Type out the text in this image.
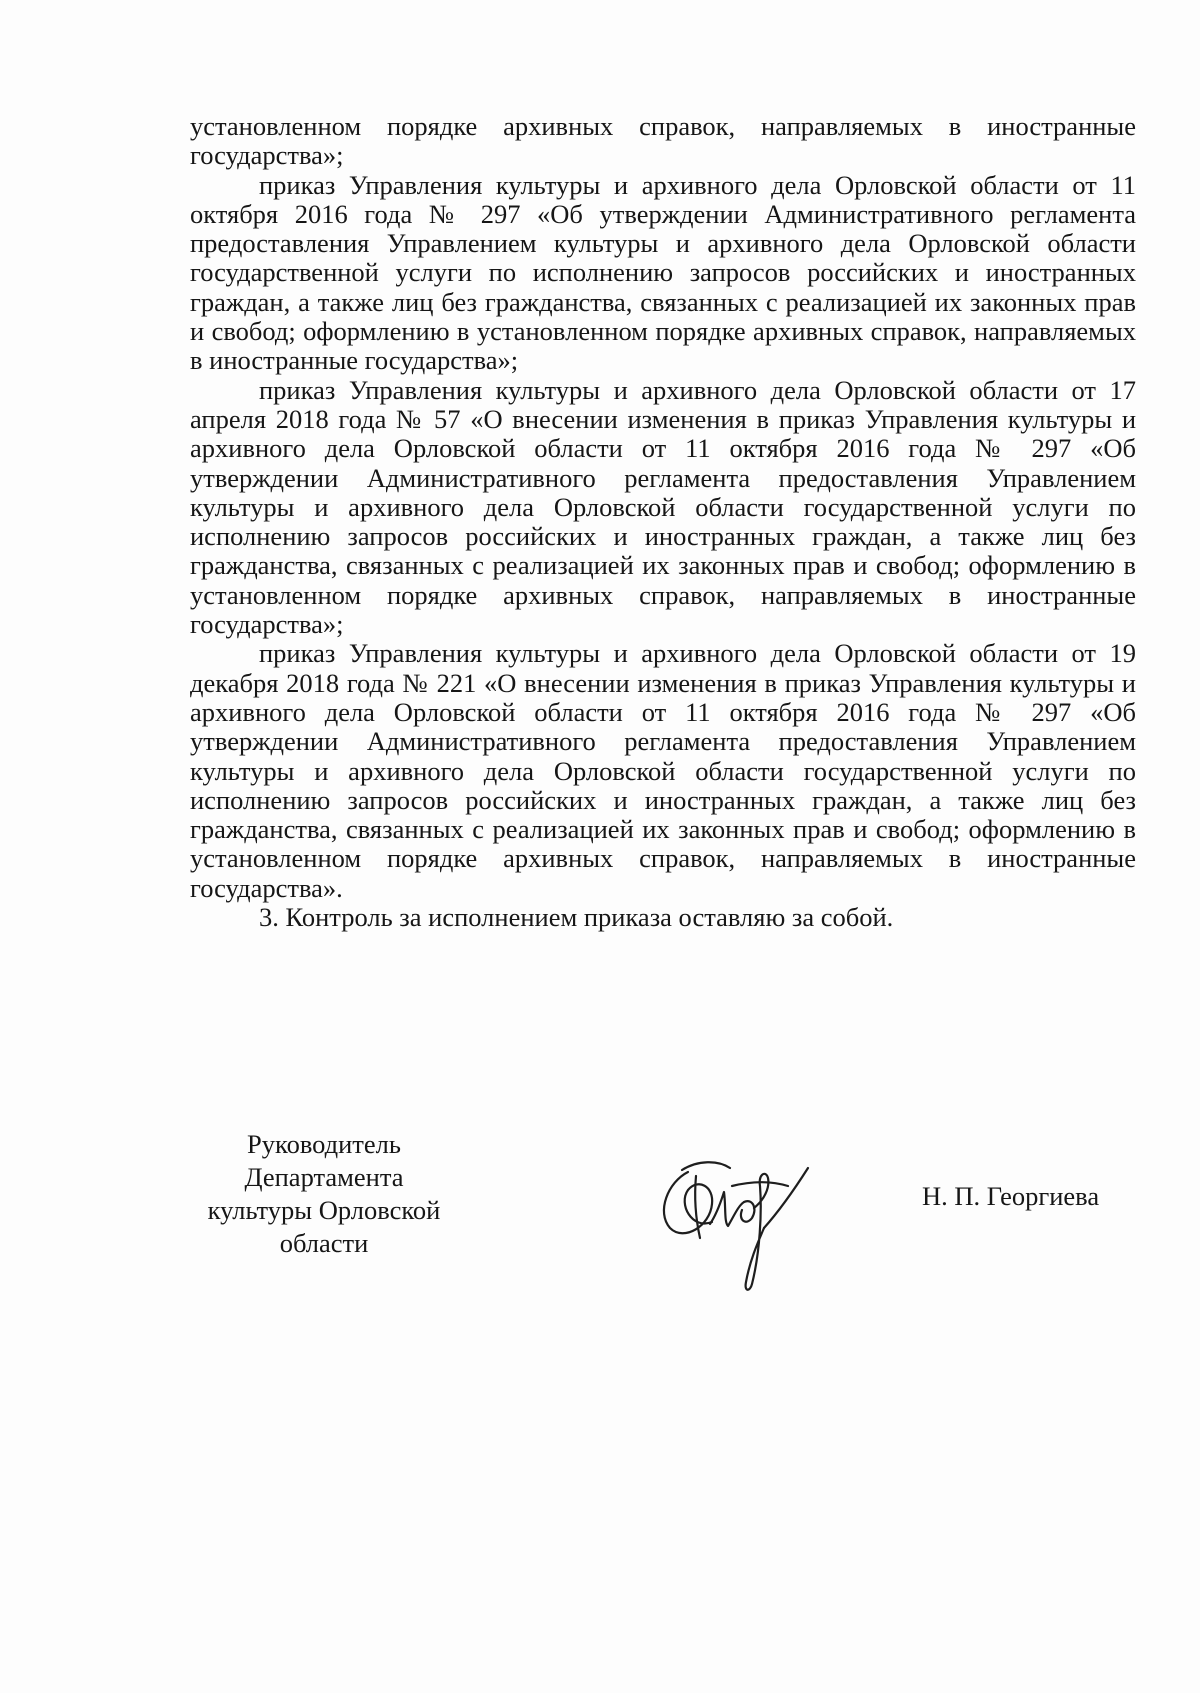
установленном порядке архивных справок, направляемых в иностранные государства»;

приказ Управления культуры и архивного дела Орловской области от 11 октября 2016 года № 297 «Об утверждении Административного регламента предоставления Управлением культуры и архивного дела Орловской области государственной услуги по исполнению запросов российских и иностранных граждан, а также лиц без гражданства, связанных с реализацией их законных прав и свобод; оформлению в установленном порядке архивных справок, направляемых в иностранные государства»;

приказ Управления культуры и архивного дела Орловской области от 17 апреля 2018 года № 57 «О внесении изменения в приказ Управления культуры и архивного дела Орловской области от 11 октября 2016 года № 297 «Об утверждении Административного регламента предоставления Управлением культуры и архивного дела Орловской области государственной услуги по исполнению запросов российских и иностранных граждан, а также лиц без гражданства, связанных с реализацией их законных прав и свобод; оформлению в установленном порядке архивных справок, направляемых в иностранные государства»;

приказ Управления культуры и архивного дела Орловской области от 19 декабря 2018 года № 221 «О внесении изменения в приказ Управления культуры и архивного дела Орловской области от 11 октября 2016 года № 297 «Об утверждении Административного регламента предоставления Управлением культуры и архивного дела Орловской области государственной услуги по исполнению запросов российских и иностранных граждан, а также лиц без гражданства, связанных с реализацией их законных прав и свобод; оформлению в установленном порядке архивных справок, направляемых в иностранные государства».

3. Контроль за исполнением приказа оставляю за собой.

Руководитель
Департамента
культуры Орловской
области
Н. П. Георгиева
